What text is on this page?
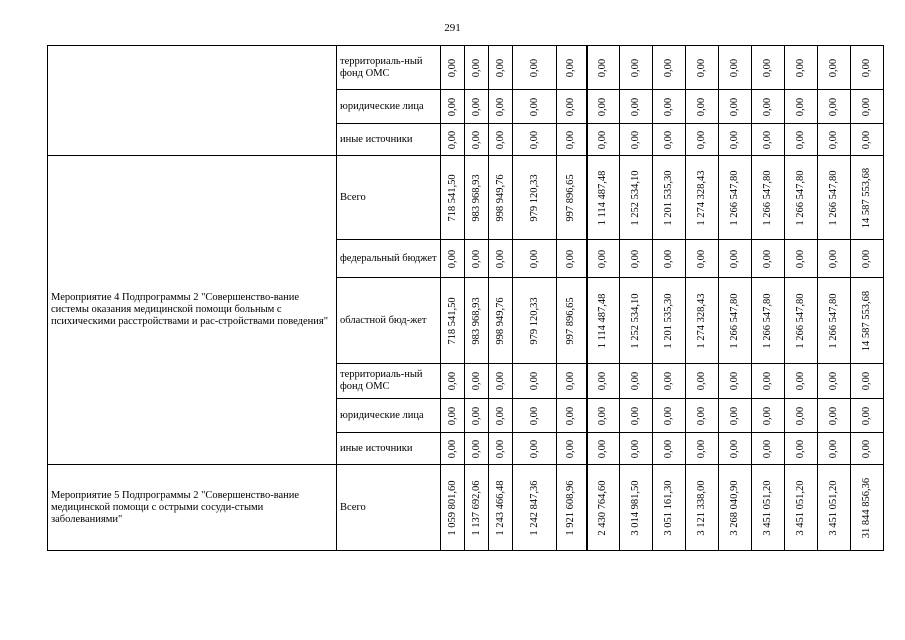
291
	территориаль-ный фонд ОМС	0,00	0,00	0,00	0,00	0,00	0,00	0,00	0,00	0,00	0,00	0,00	0,00	0,00	0,00

	юридические лица	0,00	0,00	0,00	0,00	0,00	0,00	0,00	0,00	0,00	0,00	0,00	0,00	0,00	0,00

	иные источники	0,00	0,00	0,00	0,00	0,00	0,00	0,00	0,00	0,00	0,00	0,00	0,00	0,00	0,00

Мероприятие 4 Подпрограммы 2 "Совершенство-вание системы оказания медицинской помощи больным с психическими расстройствами и рас-стройствами поведения"	Всего	718 541,50	983 968,93	998 949,76	979 120,33	997 896,65	1 114 487,48	1 252 534,10	1 201 535,30	1 274 328,43	1 266 547,80	1 266 547,80	1 266 547,80	1 266 547,80	14 587 553,68

	федеральный бюджет	0,00	0,00	0,00	0,00	0,00	0,00	0,00	0,00	0,00	0,00	0,00	0,00	0,00	0,00

	областной бюд-жет	718 541,50	983 968,93	998 949,76	979 120,33	997 896,65	1 114 487,48	1 252 534,10	1 201 535,30	1 274 328,43	1 266 547,80	1 266 547,80	1 266 547,80	1 266 547,80	14 587 553,68

	территориаль-ный фонд ОМС	0,00	0,00	0,00	0,00	0,00	0,00	0,00	0,00	0,00	0,00	0,00	0,00	0,00	0,00

	юридические лица	0,00	0,00	0,00	0,00	0,00	0,00	0,00	0,00	0,00	0,00	0,00	0,00	0,00	0,00

	иные источники	0,00	0,00	0,00	0,00	0,00	0,00	0,00	0,00	0,00	0,00	0,00	0,00	0,00	0,00

Мероприятие 5 Подпрограммы 2 "Совершенство-вание медицинской помощи с острыми сосуди-стыми заболеваниями"	Всего	1 059 801,60	1 137 692,06	1 243 466,48	1 242 847,36	1 921 608,96	2 430 764,60	3 014 981,50	3 051 161,30	3 121 338,00	3 268 040,90	3 451 051,20	3 451 051,20	3 451 051,20	31 844 856,36
